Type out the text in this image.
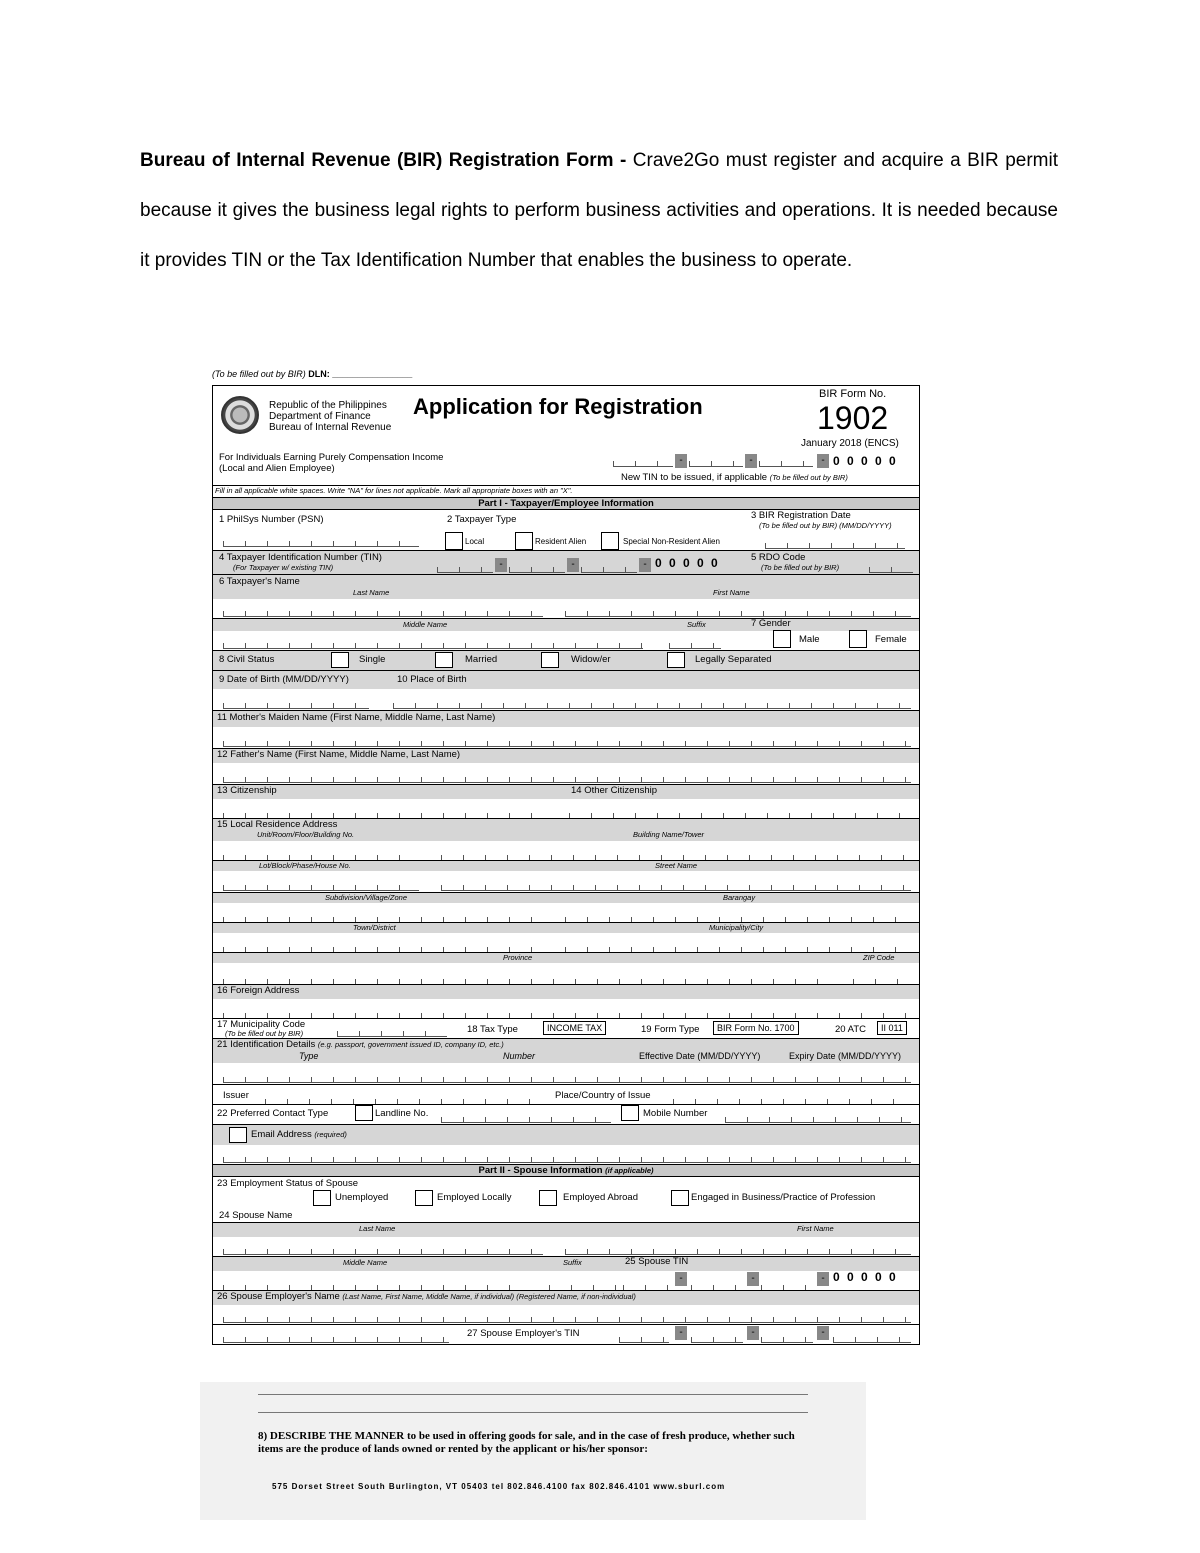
Bureau of Internal Revenue (BIR) Registration Form - Crave2Go must register and acquire a BIR permit because it gives the business legal rights to perform business activities and operations. It is needed because it provides TIN or the Tax Identification Number that enables the business to operate.

(To be filled out by BIR) DLN: ________________
Republic of the Philippines
Department of Finance
Bureau of Internal Revenue
Application for Registration	BIR Form No.
1902
January 2018 (ENCS)
For Individuals Earning Purely Compensation Income
(Local and Alien Employee)
-	-	- 0 0 0 0 0
New TIN to be issued, if applicable (To be filled out by BIR)
Fill in all applicable white spaces. Write "NA" for lines not applicable. Mark all appropriate boxes with an "X".
Part I - Taxpayer/Employee Information
1 PhilSys Number (PSN)	2 Taxpayer Type
Local	Resident Alien	Special Non-Resident Alien
3 BIR Registration Date
(To be filled out by BIR) (MM/DD/YYYY)
4 Taxpayer Identification Number (TIN)
(For Taxpayer w/ existing TIN)	-	-	- 0 0 0 0 0	5 RDO Code
(To be filled out by BIR)
6 Taxpayer's Name
Last Name	First Name
Middle Name	Suffix	7 Gender
Male	Female
8 Civil Status	Single	Married	Widow/er	Legally Separated
9 Date of Birth (MM/DD/YYYY)	10 Place of Birth
11 Mother's Maiden Name (First Name, Middle Name, Last Name)
12 Father's Name (First Name, Middle Name, Last Name)
13 Citizenship	14 Other Citizenship
15 Local Residence Address
Unit/Room/Floor/Building No.	Building Name/Tower
Lot/Block/Phase/House No.	Street Name
Subdivision/Village/Zone	Barangay
Town/District	Municipality/City
Province	ZIP Code
16 Foreign Address
17 Municipality Code
(To be filled out by BIR)	18 Tax Type	INCOME TAX	19 Form Type	BIR Form No. 1700	20 ATC	II 011
21 Identification Details (e.g. passport, government issued ID, company ID, etc.)
Type	Number	Effective Date (MM/DD/YYYY)	Expiry Date (MM/DD/YYYY)
Issuer	Place/Country of Issue
22 Preferred Contact Type	Landline No.	Mobile Number
Email Address (required)
Part II - Spouse Information (if applicable)
23 Employment Status of Spouse
Unemployed	Employed Locally	Employed Abroad	Engaged in Business/Practice of Profession
24 Spouse Name
Last Name	First Name
Middle Name	Suffix	25 Spouse TIN
-	-	- 0 0 0 0 0
26 Spouse Employer's Name (Last Name, First Name, Middle Name, if individual) (Registered Name, if non-individual)
27 Spouse Employer's TIN	-	-	-
8) DESCRIBE THE MANNER to be used in offering goods for sale, and in the case of fresh produce, whether such items are the produce of lands owned or rented by the applicant or his/her sponsor:
575 Dorset Street South Burlington, VT 05403 tel 802.846.4100 fax 802.846.4101 www.sburl.com
